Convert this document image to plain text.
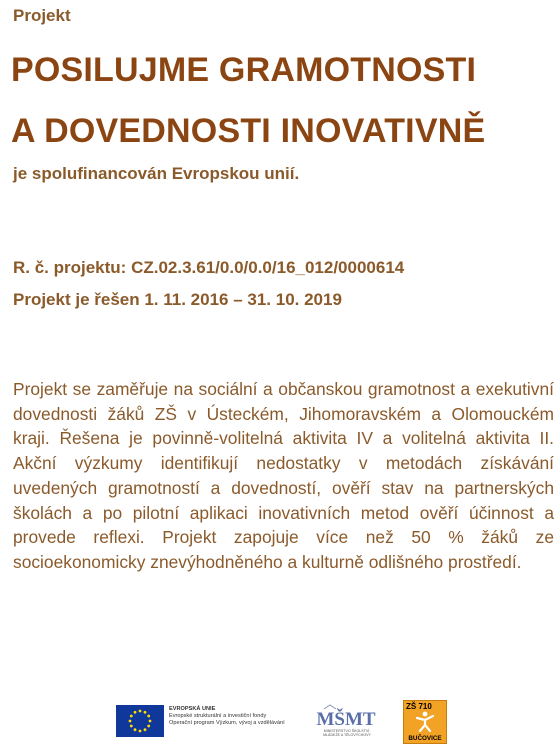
Projekt
POSILUJME GRAMOTNOSTI
A DOVEDNOSTI INOVATIVNĚ
je spolufinancován Evropskou unií.
R. č. projektu: CZ.02.3.61/0.0/0.0/16_012/0000614
Projekt je řešen 1. 11. 2016 – 31. 10. 2019
Projekt se zaměřuje na sociální a občanskou gramotnost a exekutivní dovednosti žáků ZŠ v Ústeckém, Jihomoravském a Olomouckém kraji. Řešena je povinně-volitelná aktivita IV a volitelná aktivita II. Akční výzkumy identifikují nedostatky v metodách získávání uvedených gramotností a dovedností, ověří stav na partnerských školách a po pilotní aplikaci inovativních metod ověří účinnost a provede reflexi. Projekt zapojuje více než 50 % žáků ze socioekonomicky znevýhodněného a kulturně odlišného prostředí.
EVROPSKÁ UNIE
Evropské strukturální a investiční fondy
Operační program Výzkum, vývoj a vzdělávání MŠMT
MINISTERSTVO ŠKOLSTVÍ,
MLÁDEŽE A TĚLOVÝCHOVY
ZŠ 710
BUČOVICE
